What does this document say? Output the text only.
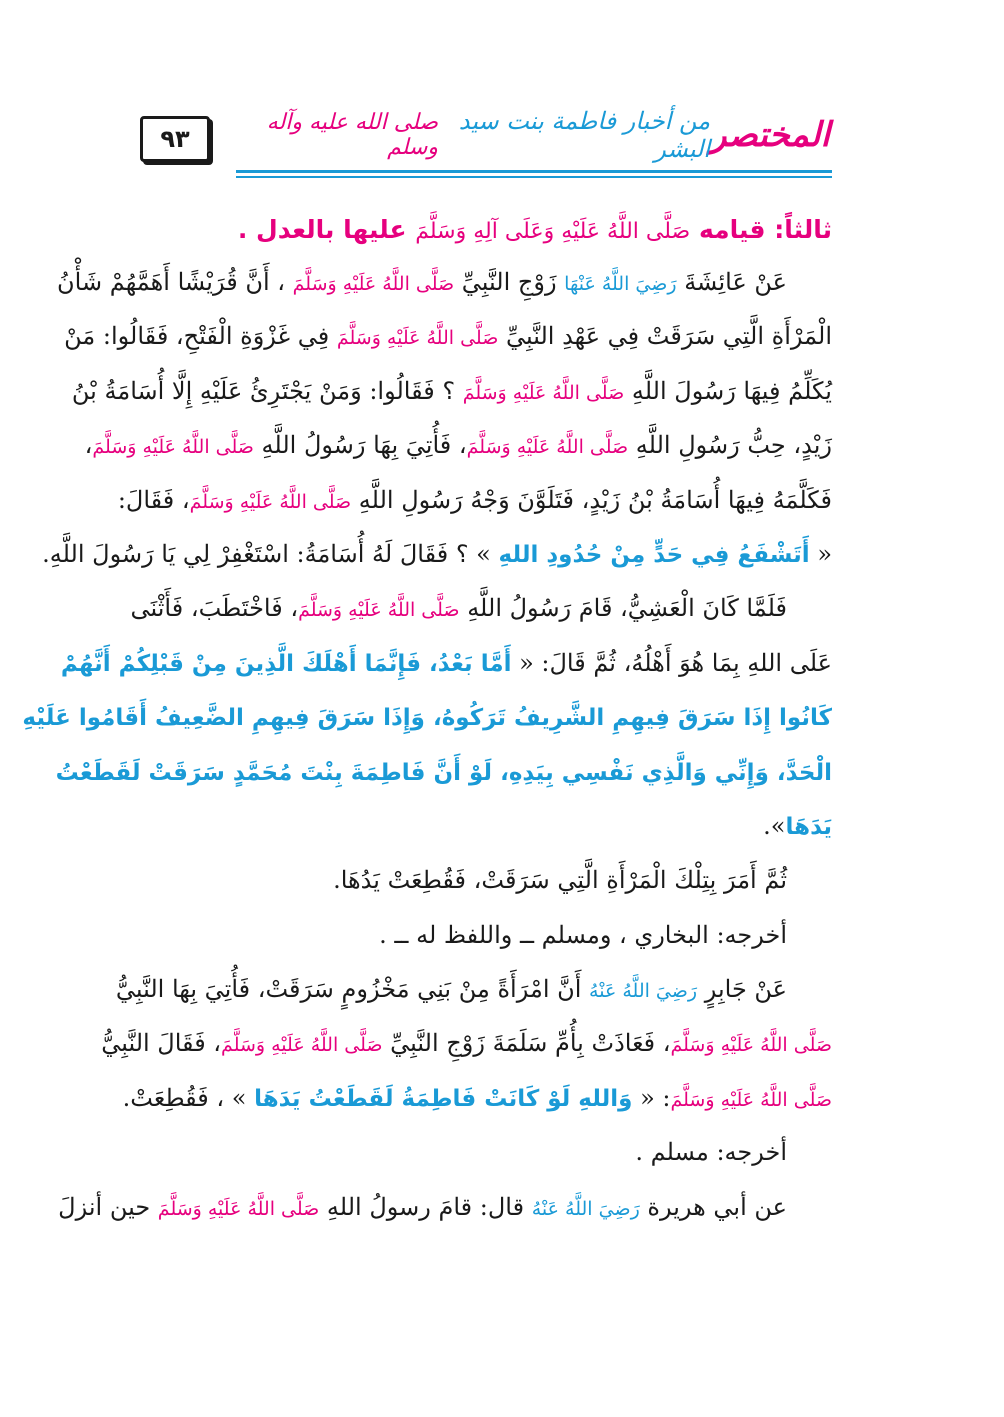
٩٣	المختصر
من أخبار فاطمة بنت سيد البشر
صلى الله عليه وآله وسلم
ثالثاً: قيامه صَلَّى اللَّهُ عَلَيْهِ وَعَلَى آلِهِ وَسَلَّمَ عليها بالعدل .
عَنْ عَائِشَةَ رَضِيَ اللَّهُ عَنْهَا زَوْجِ النَّبِيِّ صَلَّى اللَّهُ عَلَيْهِ وَسَلَّمَ ، أَنَّ قُرَيْشًا أَهَمَّهُمْ شَأْنُ
الْمَرْأَةِ الَّتِي سَرَقَتْ فِي عَهْدِ النَّبِيِّ صَلَّى اللَّهُ عَلَيْهِ وَسَلَّمَ فِي غَزْوَةِ الْفَتْحِ، فَقَالُوا: مَنْ
يُكَلِّمُ فِيهَا رَسُولَ اللَّهِ صَلَّى اللَّهُ عَلَيْهِ وَسَلَّمَ ؟ فَقَالُوا: وَمَنْ يَجْتَرِئُ عَلَيْهِ إِلَّا أُسَامَةُ بْنُ
زَيْدٍ، حِبُّ رَسُولِ اللَّهِ صَلَّى اللَّهُ عَلَيْهِ وَسَلَّمَ، فَأُتِيَ بِهَا رَسُولُ اللَّهِ صَلَّى اللَّهُ عَلَيْهِ وَسَلَّمَ،
فَكَلَّمَهُ فِيهَا أُسَامَةُ بْنُ زَيْدٍ، فَتَلَوَّنَ وَجْهُ رَسُولِ اللَّهِ صَلَّى اللَّهُ عَلَيْهِ وَسَلَّمَ، فَقَالَ:
« أَتَشْفَعُ فِي حَدٍّ مِنْ حُدُودِ اللهِ » ؟ فَقَالَ لَهُ أُسَامَةُ: اسْتَغْفِرْ لِي يَا رَسُولَ اللَّهِ.
فَلَمَّا كَانَ الْعَشِيُّ، قَامَ رَسُولُ اللَّهِ صَلَّى اللَّهُ عَلَيْهِ وَسَلَّمَ، فَاخْتَطَبَ، فَأَثْنَى
عَلَى اللهِ بِمَا هُوَ أَهْلُهُ، ثُمَّ قَالَ: « أَمَّا بَعْدُ، فَإِنَّمَا أَهْلَكَ الَّذِينَ مِنْ قَبْلِكُمْ أَنَّهُمْ
كَانُوا إِذَا سَرَقَ فِيهِمِ الشَّرِيفُ تَرَكُوهُ، وَإِذَا سَرَقَ فِيهِمِ الضَّعِيفُ أَقَامُوا عَلَيْهِ
الْحَدَّ، وَإِنِّي وَالَّذِي نَفْسِي بِيَدِهِ، لَوْ أَنَّ فَاطِمَةَ بِنْتَ مُحَمَّدٍ سَرَقَتْ لَقَطَعْتُ
يَدَهَا».
ثُمَّ أَمَرَ بِتِلْكَ الْمَرْأَةِ الَّتِي سَرَقَتْ، فَقُطِعَتْ يَدُهَا.
أخرجه: البخاري ، ومسلم ــ واللفظ له ــ .
عَنْ جَابِرٍ رَضِيَ اللَّهُ عَنْهُ أَنَّ امْرَأَةً مِنْ بَنِي مَخْزُومٍ سَرَقَتْ، فَأُتِيَ بِهَا النَّبِيُّ
صَلَّى اللَّهُ عَلَيْهِ وَسَلَّمَ، فَعَاذَتْ بِأُمِّ سَلَمَةَ زَوْجِ النَّبِيِّ صَلَّى اللَّهُ عَلَيْهِ وَسَلَّمَ، فَقَالَ النَّبِيُّ
صَلَّى اللَّهُ عَلَيْهِ وَسَلَّمَ: « وَاللهِ لَوْ كَانَتْ فَاطِمَةُ لَقَطَعْتُ يَدَهَا » ، فَقُطِعَتْ.
أخرجه: مسلم .
عن أبي هريرة رَضِيَ اللَّهُ عَنْهُ قال: قامَ رسولُ اللهِ صَلَّى اللَّهُ عَلَيْهِ وَسَلَّمَ حين أنزلَ
